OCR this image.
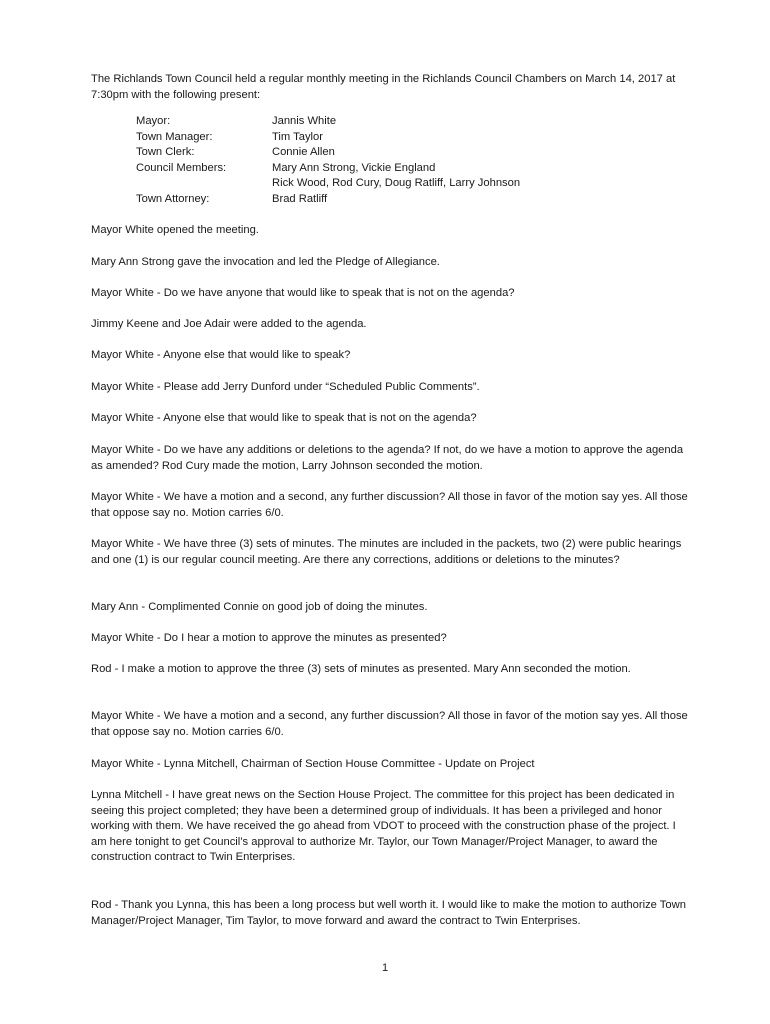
The Richlands Town Council held a regular monthly meeting in the Richlands Council Chambers on March 14, 2017 at 7:30pm with the following present:

Mayor:	Jannis White
Town Manager:	Tim Taylor
Town Clerk:	Connie Allen
Council Members:	Mary Ann Strong, Vickie England
Rick Wood, Rod Cury, Doug Ratliff, Larry Johnson
Town Attorney:	Brad Ratliff

Mayor White opened the meeting.

Mary Ann Strong gave the invocation and led the Pledge of Allegiance.

Mayor White - Do we have anyone that would like to speak that is not on the agenda?

Jimmy Keene and Joe Adair were added to the agenda.

Mayor White - Anyone else that would like to speak?

Mayor White - Please add Jerry Dunford under “Scheduled Public Comments”.

Mayor White - Anyone else that would like to speak that is not on the agenda?

Mayor White - Do we have any additions or deletions to the agenda? If not, do we have a motion to approve the agenda as amended? Rod Cury made the motion, Larry Johnson seconded the motion.

Mayor White - We have a motion and a second, any further discussion? All those in favor of the motion say yes. All those that oppose say no. Motion carries 6/0.

Mayor White - We have three (3) sets of minutes. The minutes are included in the packets, two (2) were public hearings and one (1) is our regular council meeting. Are there any corrections, additions or deletions to the minutes?

Mary Ann - Complimented Connie on good job of doing the minutes.

Mayor White - Do I hear a motion to approve the minutes as presented?

Rod - I make a motion to approve the three (3) sets of minutes as presented. Mary Ann seconded the motion.

Mayor White - We have a motion and a second, any further discussion? All those in favor of the motion say yes. All those that oppose say no. Motion carries 6/0.

Mayor White - Lynna Mitchell, Chairman of Section House Committee - Update on Project

Lynna Mitchell - I have great news on the Section House Project. The committee for this project has been dedicated in seeing this project completed; they have been a determined group of individuals. It has been a privileged and honor working with them. We have received the go ahead from VDOT to proceed with the construction phase of the project. I am here tonight to get Council’s approval to authorize Mr. Taylor, our Town Manager/Project Manager, to award the construction contract to Twin Enterprises.

Rod - Thank you Lynna, this has been a long process but well worth it. I would like to make the motion to authorize Town Manager/Project Manager, Tim Taylor, to move forward and award the contract to Twin Enterprises.

1
